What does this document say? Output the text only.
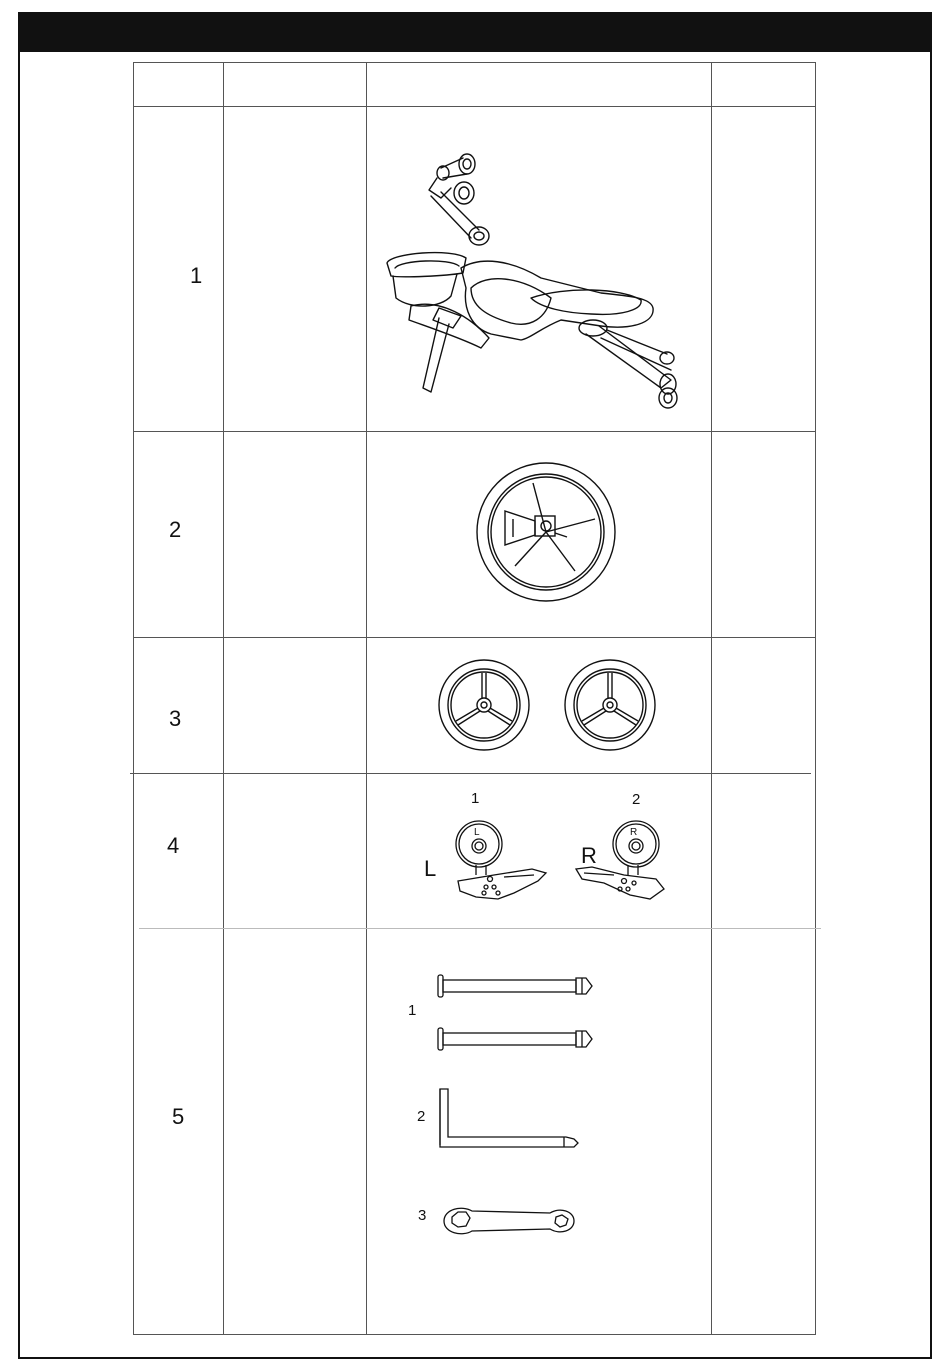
1
2
3
4
5
1	2
L
R
L	R
1
2
3
